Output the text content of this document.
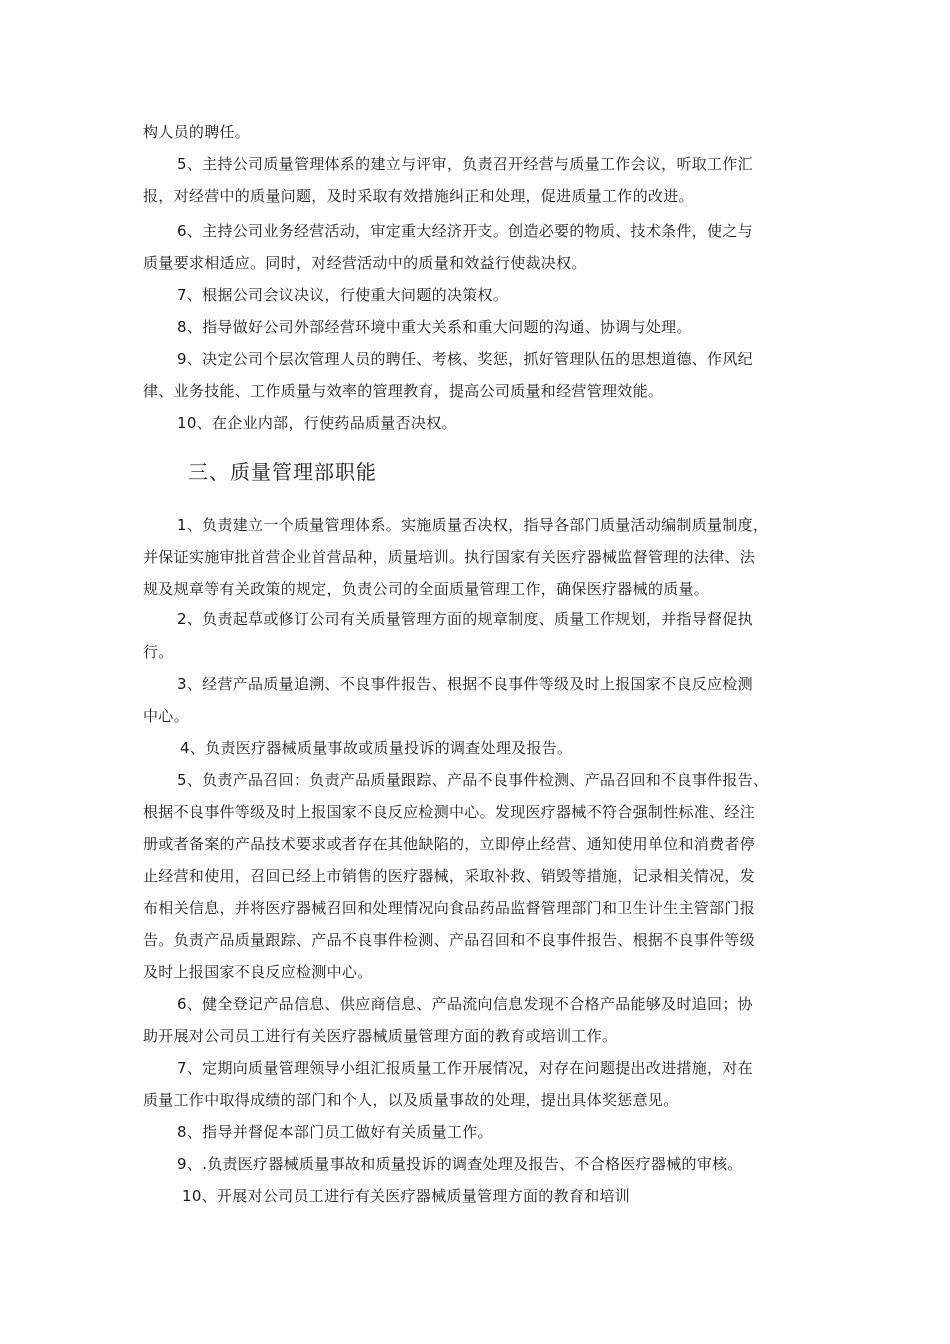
构人员的聘任。
5、主持公司质量管理体系的建立与评审，负责召开经营与质量工作会议，听取工作汇
报，对经营中的质量问题，及时采取有效措施纠正和处理，促进质量工作的改进。
6、主持公司业务经营活动，审定重大经济开支。创造必要的物质、技术条件，使之与
质量要求相适应。同时，对经营活动中的质量和效益行使裁决权。
7、根据公司会议决议，行使重大问题的决策权。
8、指导做好公司外部经营环境中重大关系和重大问题的沟通、协调与处理。
9、决定公司个层次管理人员的聘任、考核、奖惩，抓好管理队伍的思想道德、作风纪
律、业务技能、工作质量与效率的管理教育，提高公司质量和经营管理效能。
10、在企业内部，行使药品质量否决权。
三、质量管理部职能
1、负责建立一个质量管理体系。实施质量否决权，指导各部门质量活动编制质量制度，
并保证实施审批首营企业首营品种，质量培训。执行国家有关医疗器械监督管理的法律、法
规及规章等有关政策的规定，负责公司的全面质量管理工作，确保医疗器械的质量。
2、负责起草或修订公司有关质量管理方面的规章制度、质量工作规划，并指导督促执
行。
3、经营产品质量追溯、不良事件报告、根据不良事件等级及时上报国家不良反应检测
中心。
4、负责医疗器械质量事故或质量投诉的调查处理及报告。
5、负责产品召回：负责产品质量跟踪、产品不良事件检测、产品召回和不良事件报告、
根据不良事件等级及时上报国家不良反应检测中心。发现医疗器械不符合强制性标准、经注
册或者备案的产品技术要求或者存在其他缺陷的，立即停止经营、通知使用单位和消费者停
止经营和使用，召回已经上市销售的医疗器械，采取补救、销毁等措施，记录相关情况，发
布相关信息，并将医疗器械召回和处理情况向食品药品监督管理部门和卫生计生主管部门报
告。负责产品质量跟踪、产品不良事件检测、产品召回和不良事件报告、根据不良事件等级
及时上报国家不良反应检测中心。
6、健全登记产品信息、供应商信息、产品流向信息发现不合格产品能够及时追回；协
助开展对公司员工进行有关医疗器械质量管理方面的教育或培训工作。
7、定期向质量管理领导小组汇报质量工作开展情况，对存在问题提出改进措施，对在
质量工作中取得成绩的部门和个人，以及质量事故的处理，提出具体奖惩意见。
8、指导并督促本部门员工做好有关质量工作。
9、.负责医疗器械质量事故和质量投诉的调查处理及报告、不合格医疗器械的审核。
10、开展对公司员工进行有关医疗器械质量管理方面的教育和培训
